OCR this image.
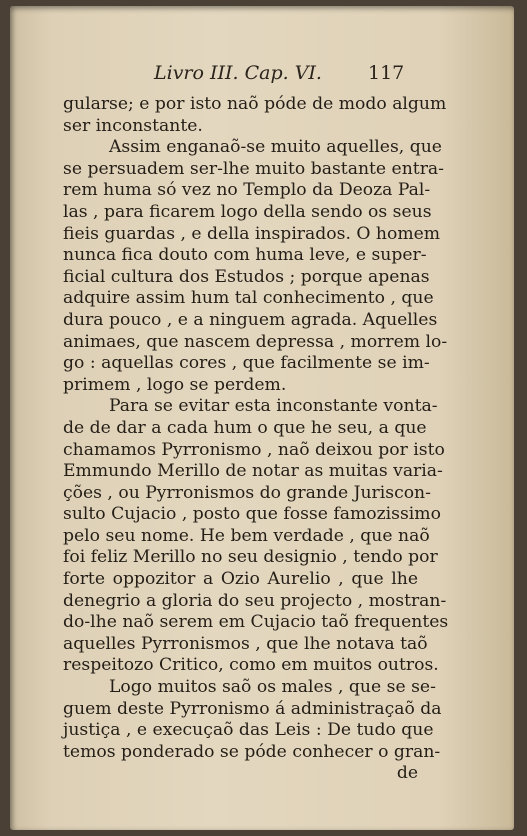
Livro III. Cap. VI. 117
gularse; e por isto naõ póde de modo algum
ser inconstante.
Assim enganaõ-se muito aquelles, que
se persuadem ser-lhe muito bastante entra-
rem huma só vez no Templo da Deoza Pal-
las , para ficarem logo della sendo os seus
fieis guardas , e della inspirados. O homem
nunca fica douto com huma leve, e super-
ficial cultura dos Estudos ; porque apenas
adquire assim hum tal conhecimento , que
dura pouco , e a ninguem agrada. Aquelles
animaes, que nascem depressa , morrem lo-
go : aquellas cores , que facilmente se im-
primem , logo se perdem.
Para se evitar esta inconstante vonta-
de de dar a cada hum o que he seu, a que
chamamos Pyrronismo , naõ deixou por isto
Emmundo Merillo de notar as muitas varia-
ções , ou Pyrronismos do grande Juriscon-
sulto Cujacio , posto que fosse famozissimo
pelo seu nome. He bem verdade , que naõ
foi feliz Merillo no seu designio , tendo por
forte oppozitor a Ozio Aurelio , que lhe
denegrio a gloria do seu projecto , mostran-
do-lhe naõ serem em Cujacio taõ frequentes
aquelles Pyrronismos , que lhe notava taõ
respeitozo Critico, como em muitos outros.
Logo muitos saõ os males , que se se-
guem deste Pyrronismo á administraçaõ da
justiça , e execuçaõ das Leis : De tudo que
temos ponderado se póde conhecer o gran-
de
